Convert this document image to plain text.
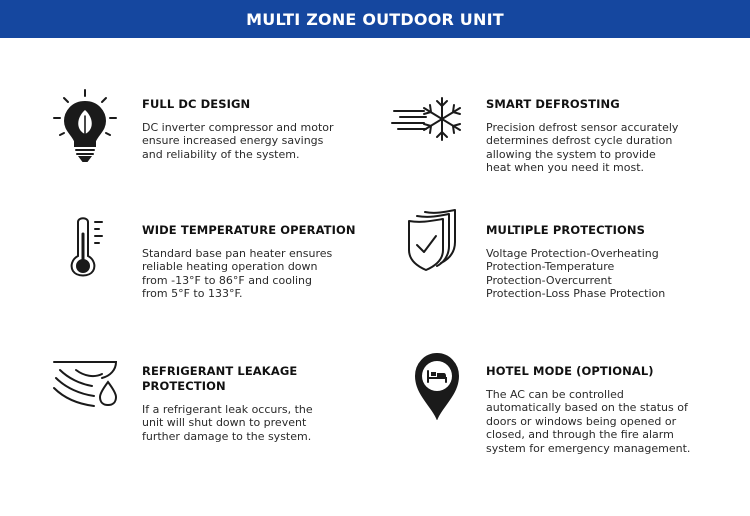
MULTI ZONE OUTDOOR UNIT
FULL DC DESIGN
DC inverter compressor and motor
ensure increased energy savings
and reliability of the system.
SMART DEFROSTING
Precision defrost sensor accurately
determines defrost cycle duration
allowing the system to provide
heat when you need it most.
WIDE TEMPERATURE OPERATION
Standard base pan heater ensures
reliable heating operation down
from -13°F to 86°F and cooling
from 5°F to 133°F.
MULTIPLE PROTECTIONS
Voltage Protection-Overheating
Protection-Temperature
Protection-Overcurrent
Protection-Loss Phase Protection
REFRIGERANT LEAKAGE
PROTECTION
If a refrigerant leak occurs, the
unit will shut down to prevent
further damage to the system.
HOTEL MODE (OPTIONAL)
The AC can be controlled
automatically based on the status of
doors or windows being opened or
closed, and through the fire alarm
system for emergency management.
